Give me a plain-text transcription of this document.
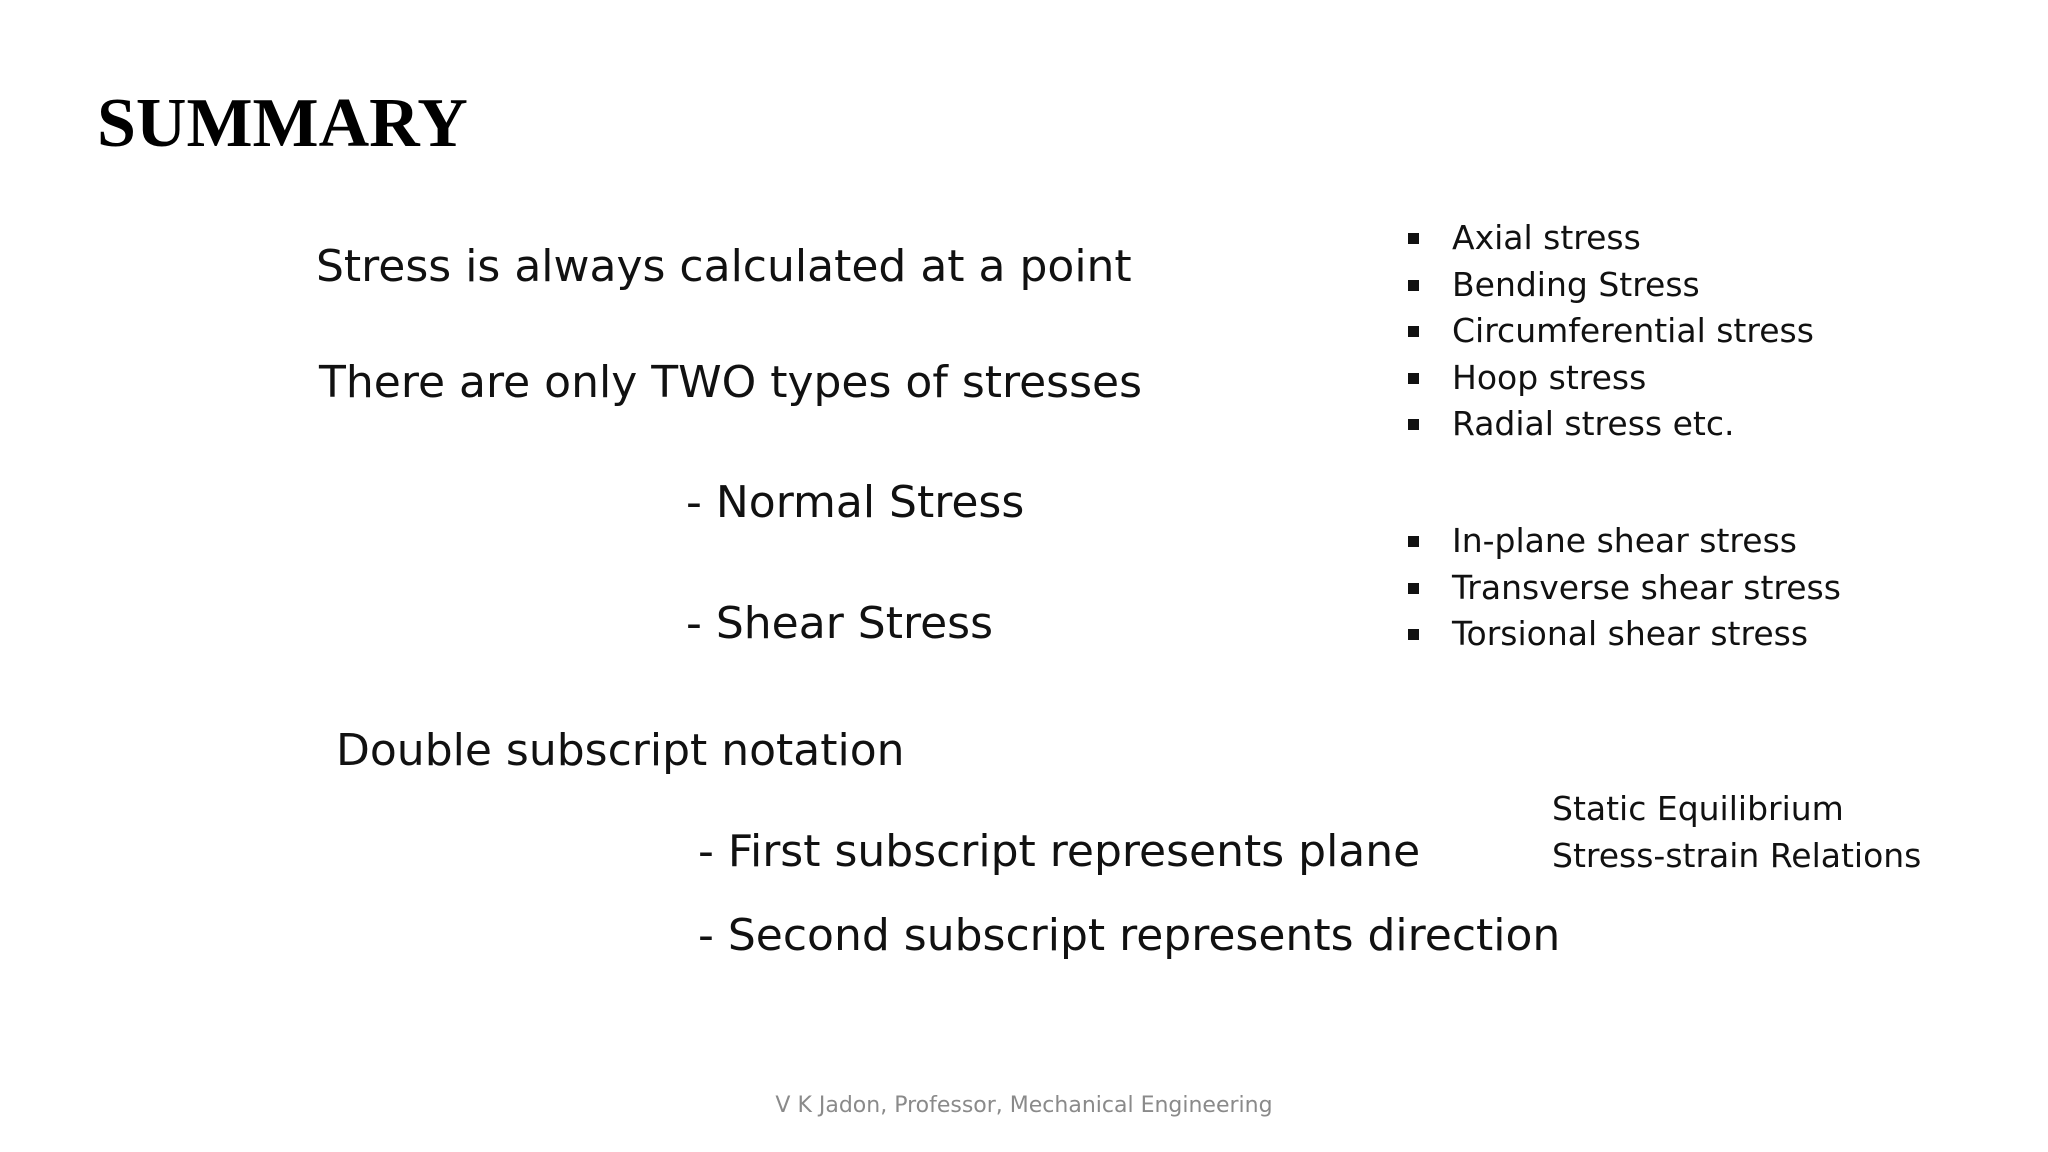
SUMMARY
Stress is always calculated at a point
There are only TWO types of stresses
- Normal Stress
- Shear Stress
Double subscript notation
- First subscript represents plane
- Second subscript represents direction
Axial stress
Bending Stress
Circumferential stress
Hoop stress
Radial stress etc.
In-plane shear stress
Transverse shear stress
Torsional shear stress
Static Equilibrium
Stress-strain Relations
V K Jadon, Professor, Mechanical Engineering
